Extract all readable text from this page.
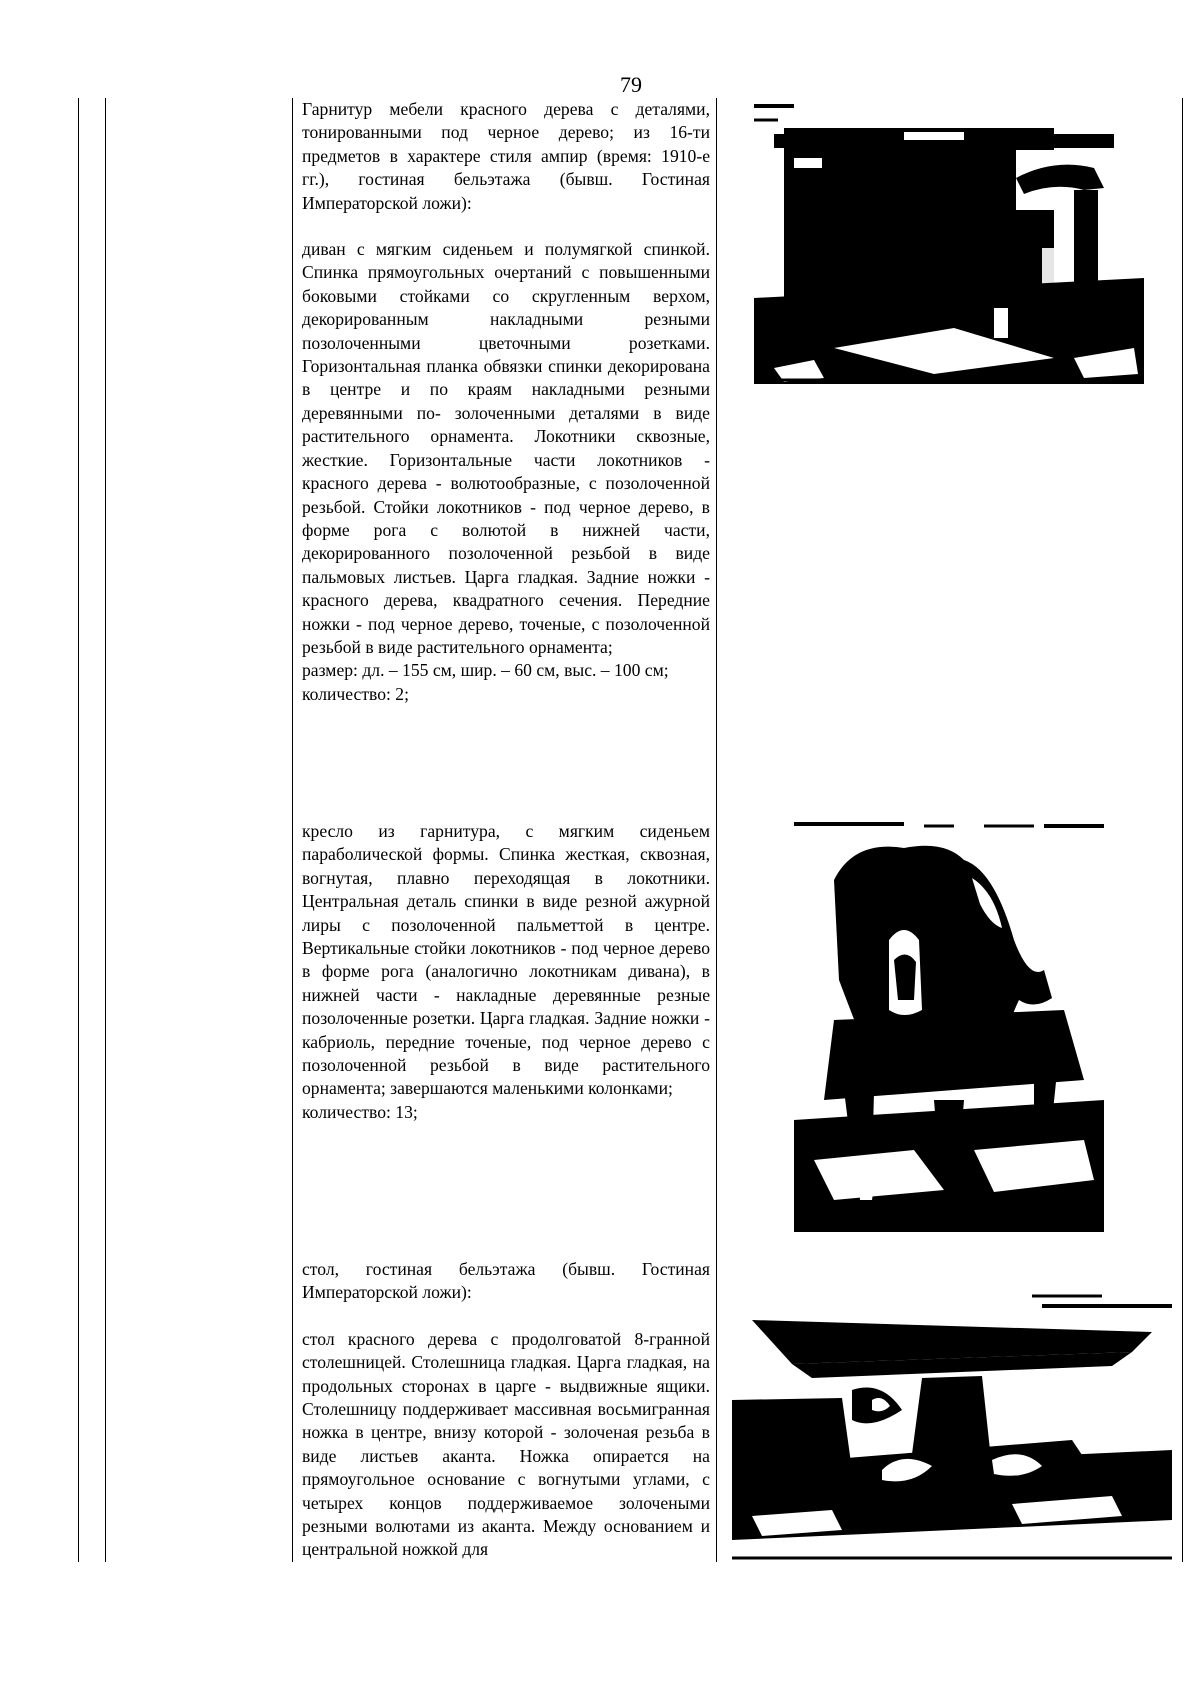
79

Гарнитур мебели красного дерева с деталями, тонированными под черное дерево; из 16-ти предметов в характере стиля ампир (время: 1910-е гг.), гостиная бельэтажа (бывш. Гостиная Императорской ложи):

диван с мягким сиденьем и полумягкой спинкой. Спинка прямоугольных очертаний с повышенными боковыми стойками со скругленным верхом, декорированным накладными резными позолоченными цветочными розетками. Горизонтальная планка обвязки спинки декорирована в центре и по краям накладными резными деревянными по- золоченными деталями в виде растительного орнамента. Локотники сквозные, жесткие. Горизонтальные части локотников - красного дерева - волютообразные, с позолоченной резьбой. Стойки локотников - под черное дерево, в форме рога с волютой в нижней части, декорированного позолоченной резьбой в виде пальмовых листьев. Царга гладкая. Задние ножки - красного дерева, квадратного сечения. Передние ножки - под черное дерево, точеные, с позолоченной резьбой в виде растительного орнамента;

размер: дл. – 155 см, шир. – 60 см, выс. – 100 см;

количество: 2;

кресло из гарнитура, с мягким сиденьем параболической формы. Спинка жесткая, сквозная, вогнутая, плавно переходящая в локотники. Центральная деталь спинки в виде резной ажурной лиры с позолоченной пальметтой в центре. Вертикальные стойки локотников - под черное дерево в форме рога (аналогично локотникам дивана), в нижней части - накладные деревянные резные позолоченные розетки. Царга гладкая. Задние ножки - кабриоль, передние точеные, под черное дерево с позолоченной резьбой в виде растительного орнамента; завершаются маленькими колонками;

количество: 13;

стол, гостиная бельэтажа (бывш. Гостиная Императорской ложи):

стол красного дерева с продолговатой 8-гранной столешницей. Столешница гладкая. Царга гладкая, на продольных сторонах в царге - выдвижные ящики. Столешницу поддерживает массивная восьмигранная ножка в центре, внизу которой - золоченая резьба в виде листьев аканта. Ножка опирается на прямоугольное основание с вогнутыми углами, с четырех концов поддерживаемое золочеными резными волютами из аканта. Между основанием и центральной ножкой для
